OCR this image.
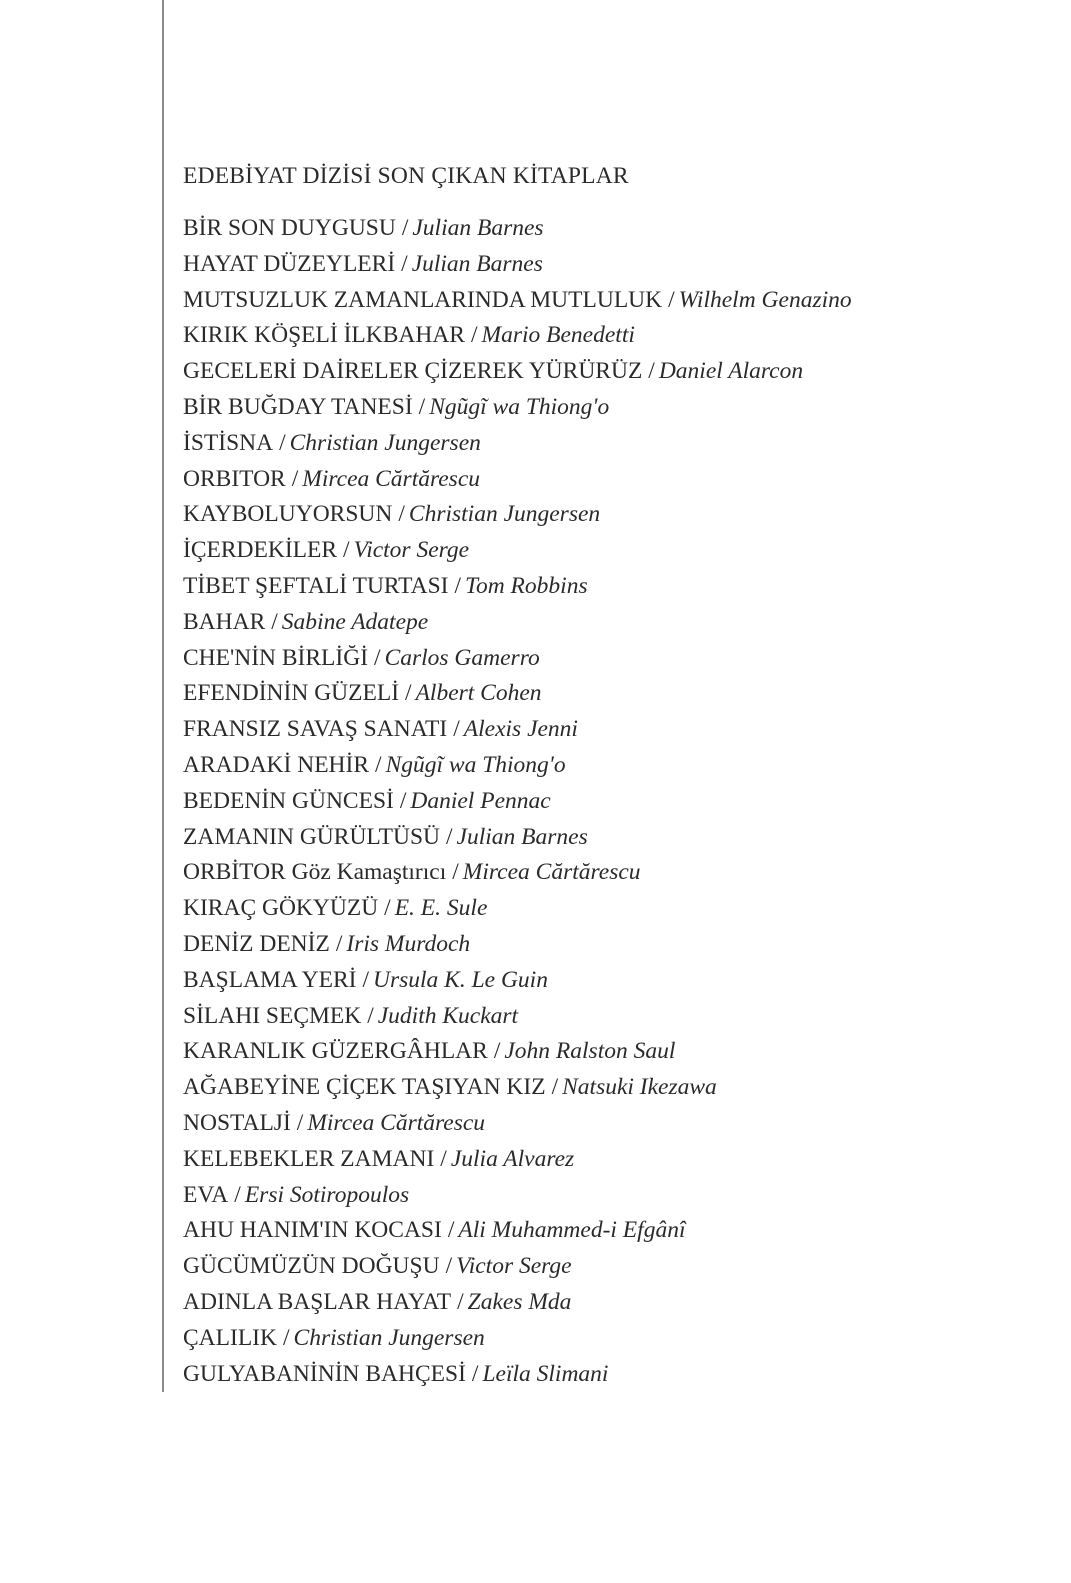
EDEBİYAT DİZİSİ SON ÇIKAN KİTAPLAR
BİR SON DUYGUSU / Julian Barnes
HAYAT DÜZEYLERİ / Julian Barnes
MUTSUZLUK ZAMANLARINDA MUTLULUK / Wilhelm Genazino
KIRIK KÖŞELİ İLKBAHAR / Mario Benedetti
GECELERİ DAİRELER ÇİZEREK YÜRÜRÜZ / Daniel Alarcon
BİR BUĞDAY TANESİ / Ngũgĩ wa Thiong'o
İSTİSNA / Christian Jungersen
ORBITOR / Mircea Cărtărescu
KAYBOLUYORSUN / Christian Jungersen
İÇERDEKİLER / Victor Serge
TİBET ŞEFTALİ TURTASI / Tom Robbins
BAHAR / Sabine Adatepe
CHE'NİN BİRLİĞİ / Carlos Gamerro
EFENDİNİN GÜZELİ / Albert Cohen
FRANSIZ SAVAŞ SANATI / Alexis Jenni
ARADAKİ NEHİR / Ngũgĩ wa Thiong'o
BEDENİN GÜNCESİ / Daniel Pennac
ZAMANIN GÜRÜLTÜSÜ / Julian Barnes
ORBİTOR Göz Kamaştırıcı / Mircea Cărtărescu
KIRAÇ GÖKYÜZÜ / E. E. Sule
DENİZ DENİZ / Iris Murdoch
BAŞLAMA YERİ / Ursula K. Le Guin
SİLAHI SEÇMEK / Judith Kuckart
KARANLIK GÜZERGÂHLAR / John Ralston Saul
AĞABEYİNE ÇİÇEK TAŞIYAN KIZ / Natsuki Ikezawa
NOSTALJİ / Mircea Cărtărescu
KELEBEKLER ZAMANI / Julia Alvarez
EVA / Ersi Sotiropoulos
AHU HANIM'IN KOCASI / Ali Muhammed-i Efgânî
GÜCÜMÜZÜN DOĞUŞU / Victor Serge
ADINLA BAŞLAR HAYAT / Zakes Mda
ÇALILIK / Christian Jungersen
GULYABANİNİN BAHÇESİ / Leïla Slimani
